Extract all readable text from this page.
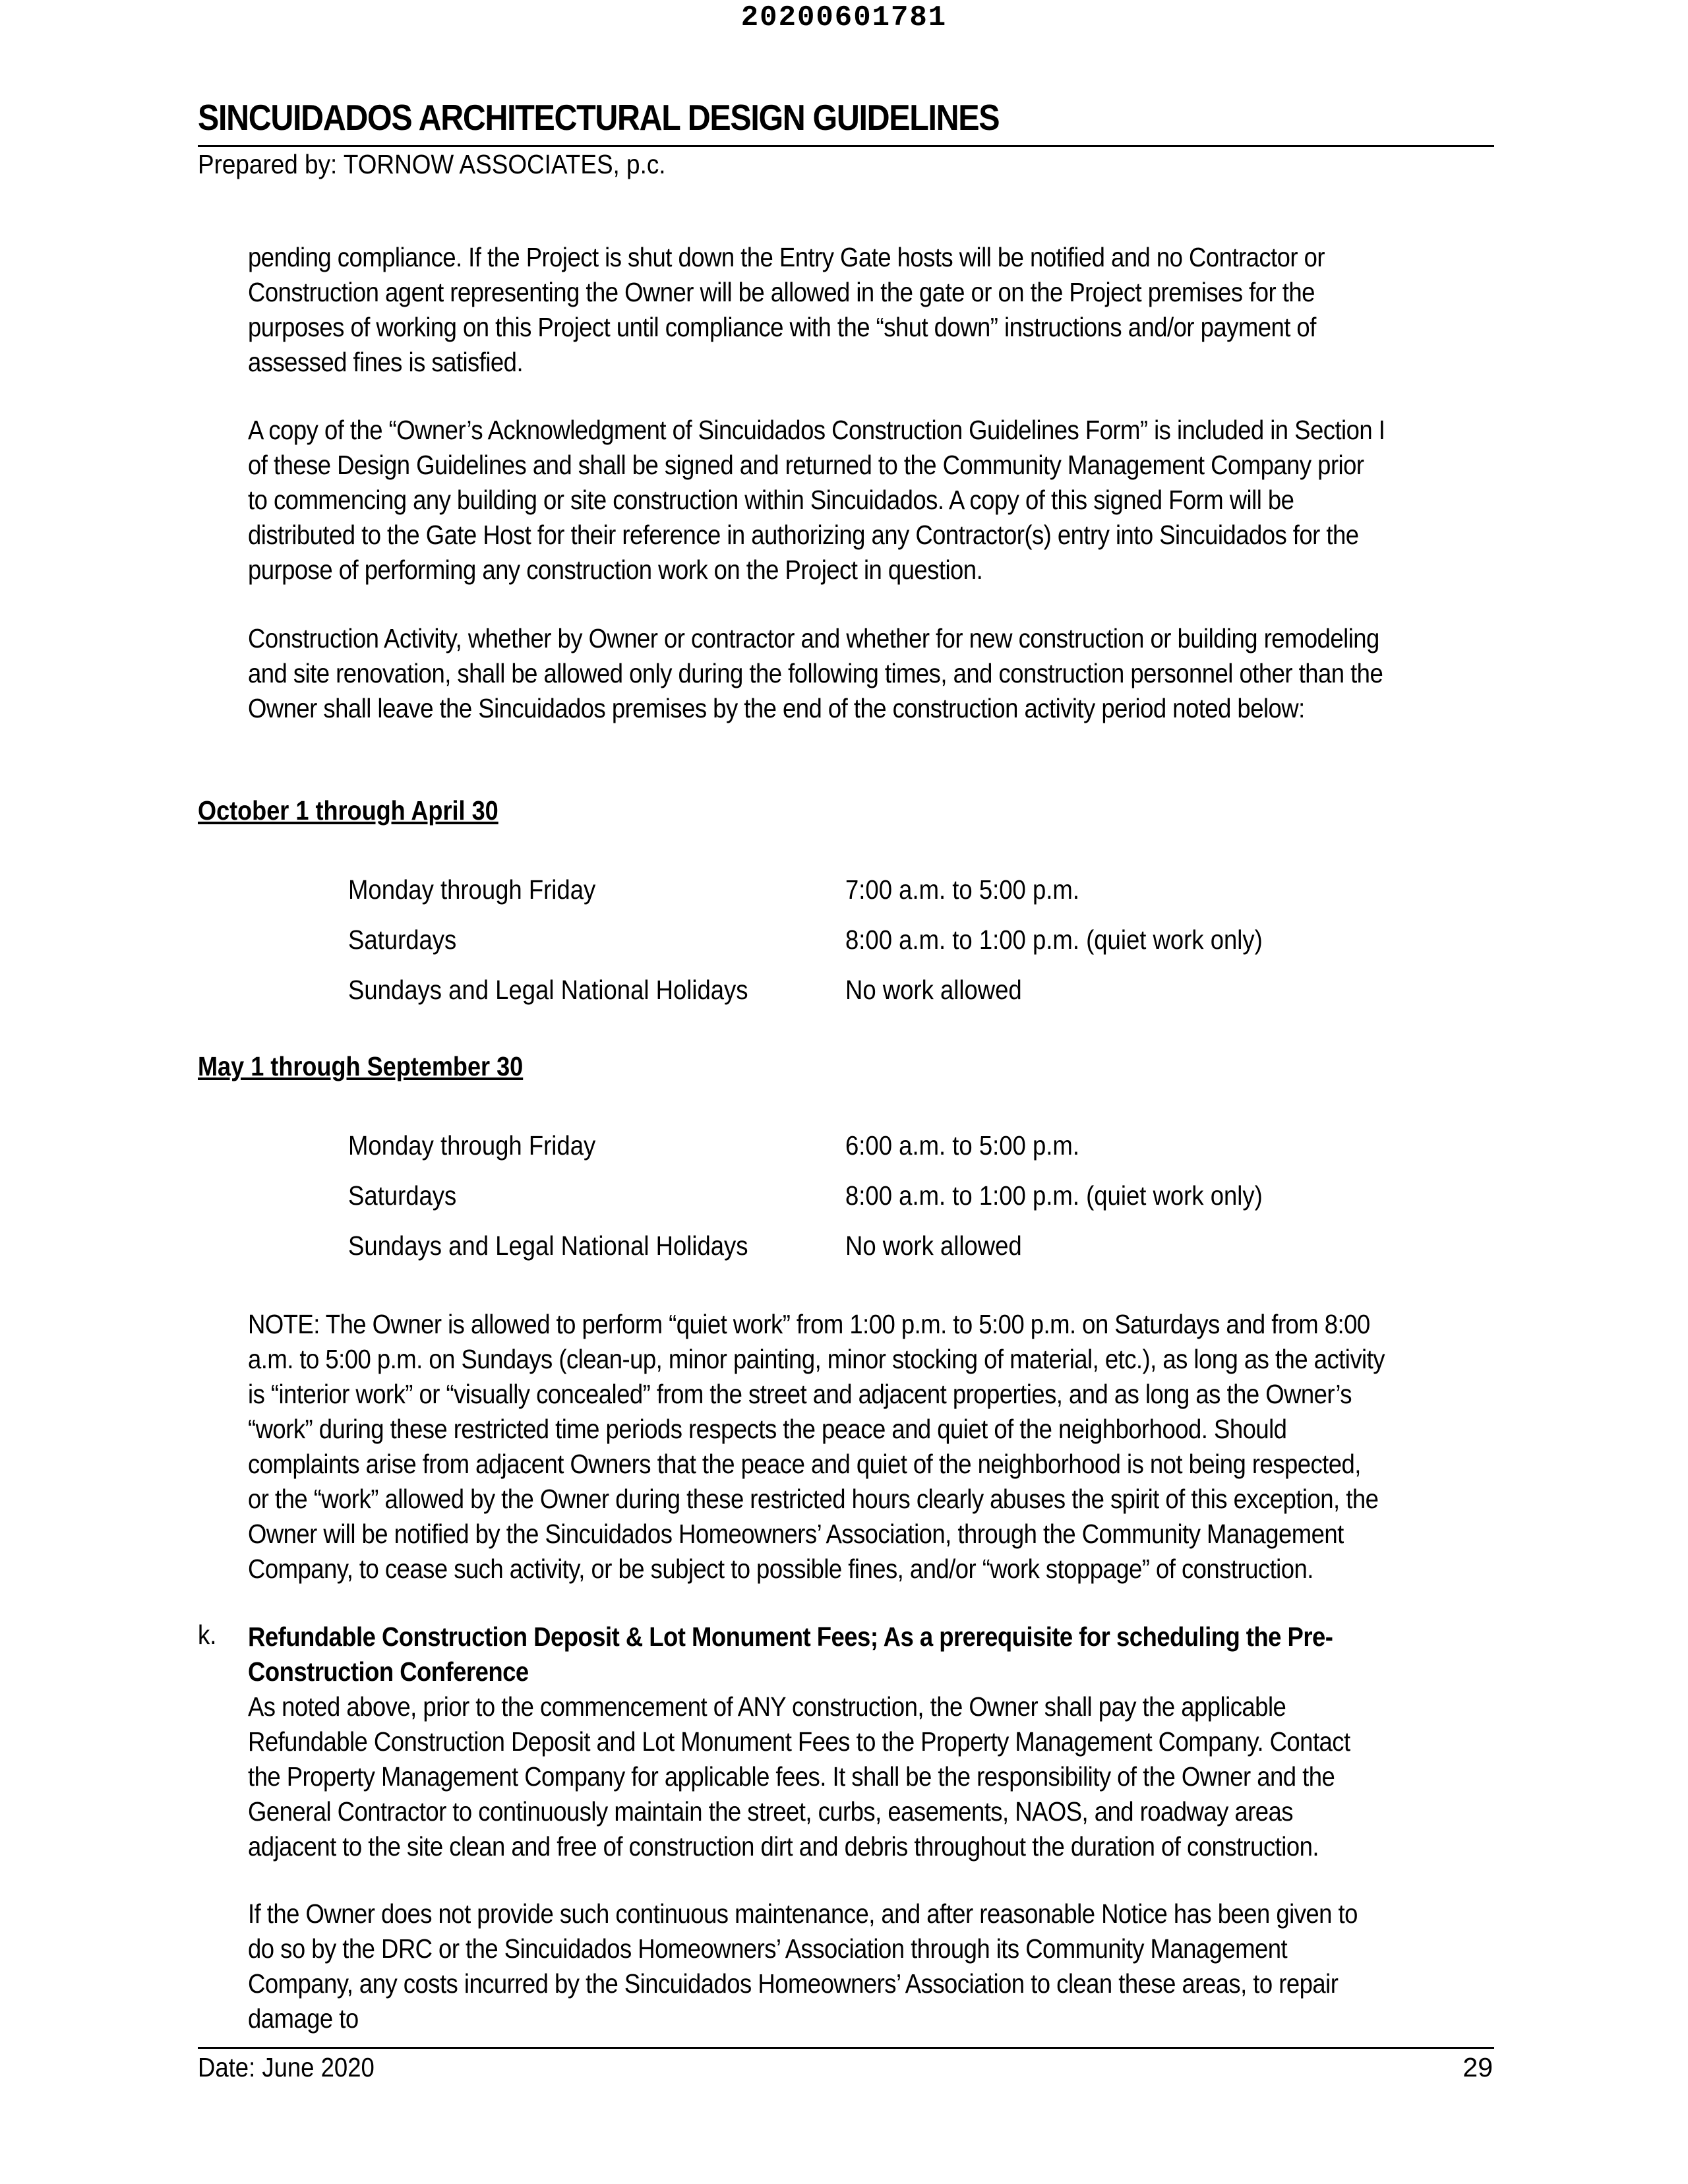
20200601781
SINCUIDADOS ARCHITECTURAL DESIGN GUIDELINES
Prepared by: TORNOW ASSOCIATES, p.c.

pending compliance. If the Project is shut down the Entry Gate hosts will be notified and no Contractor or Construction agent representing the Owner will be allowed in the gate or on the Project premises for the purposes of working on this Project until compliance with the “shut down” instructions and/or payment of assessed fines is satisfied.

A copy of the “Owner’s Acknowledgment of Sincuidados Construction Guidelines Form” is included in Section I of these Design Guidelines and shall be signed and returned to the Community Management Company prior to commencing any building or site construction within Sincuidados. A copy of this signed Form will be distributed to the Gate Host for their reference in authorizing any Contractor(s) entry into Sincuidados for the purpose of performing any construction work on the Project in question.

Construction Activity, whether by Owner or contractor and whether for new construction or building remodeling and site renovation, shall be allowed only during the following times, and construction personnel other than the Owner shall leave the Sincuidados premises by the end of the construction activity period noted below:

October 1 through April 30
Monday through Friday	7:00 a.m. to 5:00 p.m.
Saturdays	8:00 a.m. to 1:00 p.m. (quiet work only)
Sundays and Legal National Holidays	No work allowed
May 1 through September 30
Monday through Friday	6:00 a.m. to 5:00 p.m.
Saturdays	8:00 a.m. to 1:00 p.m. (quiet work only)
Sundays and Legal National Holidays	No work allowed

NOTE: The Owner is allowed to perform “quiet work” from 1:00 p.m. to 5:00 p.m. on Saturdays and from 8:00 a.m. to 5:00 p.m. on Sundays (clean-up, minor painting, minor stocking of material, etc.), as long as the activity is “interior work” or “visually concealed” from the street and adjacent properties, and as long as the Owner’s “work” during these restricted time periods respects the peace and quiet of the neighborhood. Should complaints arise from adjacent Owners that the peace and quiet of the neighborhood is not being respected, or the “work” allowed by the Owner during these restricted hours clearly abuses the spirit of this exception, the Owner will be notified by the Sincuidados Homeowners’ Association, through the Community Management Company, to cease such activity, or be subject to possible fines, and/or “work stoppage” of construction.

k. Refundable Construction Deposit & Lot Monument Fees; As a prerequisite for scheduling the Pre-Construction Conference

As noted above, prior to the commencement of ANY construction, the Owner shall pay the applicable Refundable Construction Deposit and Lot Monument Fees to the Property Management Company. Contact the Property Management Company for applicable fees. It shall be the responsibility of the Owner and the General Contractor to continuously maintain the street, curbs, easements, NAOS, and roadway areas adjacent to the site clean and free of construction dirt and debris throughout the duration of construction.

If the Owner does not provide such continuous maintenance, and after reasonable Notice has been given to do so by the DRC or the Sincuidados Homeowners’ Association through its Community Management Company, any costs incurred by the Sincuidados Homeowners’ Association to clean these areas, to repair damage to

Date: June 2020	29
